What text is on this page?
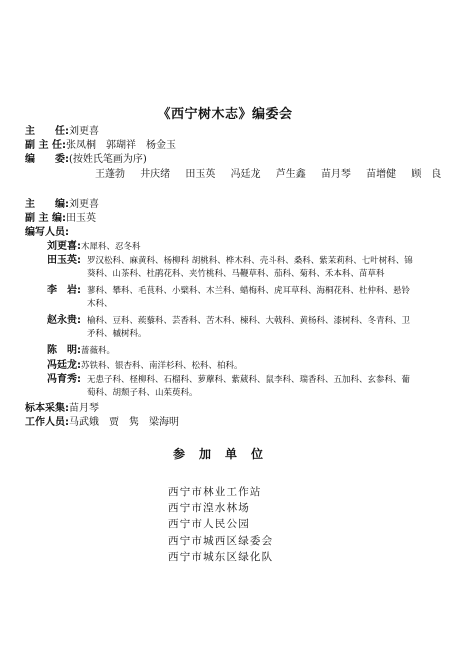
《西宁树木志》编委会
主　　任:刘更喜
副 主 任:张凤桐　郭瑚祥　杨金玉
编　　委:(按姓氏笔画为序)
王蓬勃 井庆绪 田玉英 冯廷龙 芦生鑫 苗月琴 苗增健 顾　良
主　　编:刘更喜
副 主 编:田玉英
编写人员:
刘更喜:木犀科、忍冬科
田玉英: 罗汉松科、麻黄科、杨柳科 胡桃科、桦木科、壳斗科、桑科、紫茉莉科、七叶树科、锦葵科、山茶科、杜鹃花科、夹竹桃科、马鞭草科、茄科、菊科、禾本科、苗草科
李　岩: 蓼科、攀科、毛茛科、小檗科、木兰科、蜡梅科、虎耳草科、海桐花科、杜仲科、悬铃木科、
赵永贵: 榆科、豆科、蒺藜科、芸香科、苦木科、楝科、大戟科、黄杨科、漆树科、冬青科、卫矛科、槭树科。
陈　明:蔷薇科。
冯廷龙:苏铁科、银杏科、南洋杉科、松科、柏科。
冯育秀: 无患子科、柽柳科、石榴科、萝藦科、紫葳科、鼠李科、瑞香科、五加科、玄参科、葡萄科、胡颓子科、山茱萸科。
标本采集:苗月琴
工作人员:马武娥　贾　隽　梁海明
参加单位
西宁市林业工作站
西宁市湟水林场
西宁市人民公园
西宁市城西区绿委会
西宁市城东区绿化队
